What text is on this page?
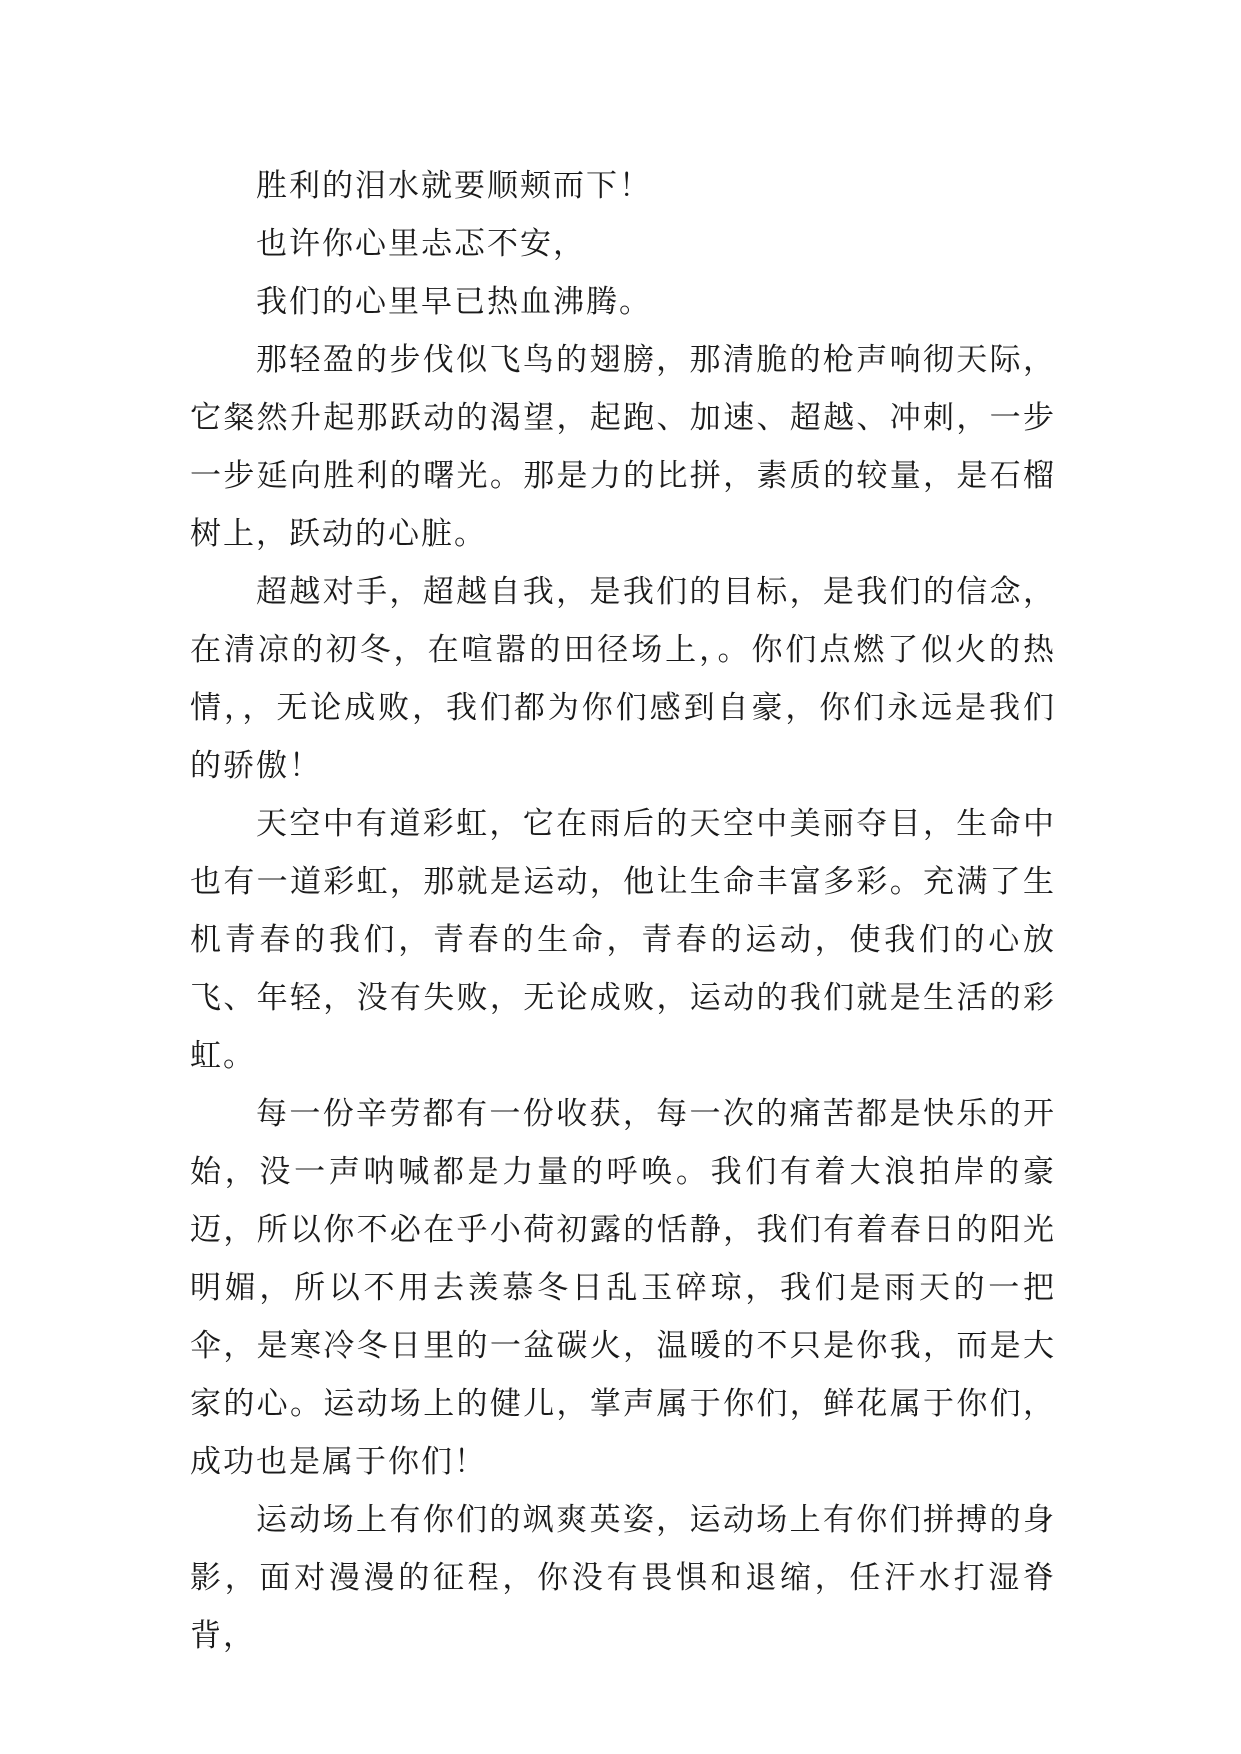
胜利的泪水就要顺颊而下！

也许你心里忐忑不安，

我们的心里早已热血沸腾。

那轻盈的步伐似飞鸟的翅膀，那清脆的枪声响彻天际，它粲然升起那跃动的渴望，起跑、加速、超越、冲刺，一步一步延向胜利的曙光。那是力的比拼，素质的较量，是石榴树上，跃动的心脏。

超越对手，超越自我，是我们的目标，是我们的信念，在清凉的初冬，在喧嚣的田径场上，。你们点燃了似火的热情，，无论成败，我们都为你们感到自豪，你们永远是我们的骄傲！

天空中有道彩虹，它在雨后的天空中美丽夺目，生命中也有一道彩虹，那就是运动，他让生命丰富多彩。充满了生机青春的我们，青春的生命，青春的运动，使我们的心放飞、年轻，没有失败，无论成败，运动的我们就是生活的彩虹。

每一份辛劳都有一份收获，每一次的痛苦都是快乐的开始，没一声呐喊都是力量的呼唤。我们有着大浪拍岸的豪迈，所以你不必在乎小荷初露的恬静，我们有着春日的阳光明媚，所以不用去羡慕冬日乱玉碎琼，我们是雨天的一把伞，是寒冷冬日里的一盆碳火，温暖的不只是你我，而是大家的心。运动场上的健儿，掌声属于你们，鲜花属于你们，成功也是属于你们！

运动场上有你们的飒爽英姿，运动场上有你们拼搏的身影，面对漫漫的征程，你没有畏惧和退缩，任汗水打湿脊背，
